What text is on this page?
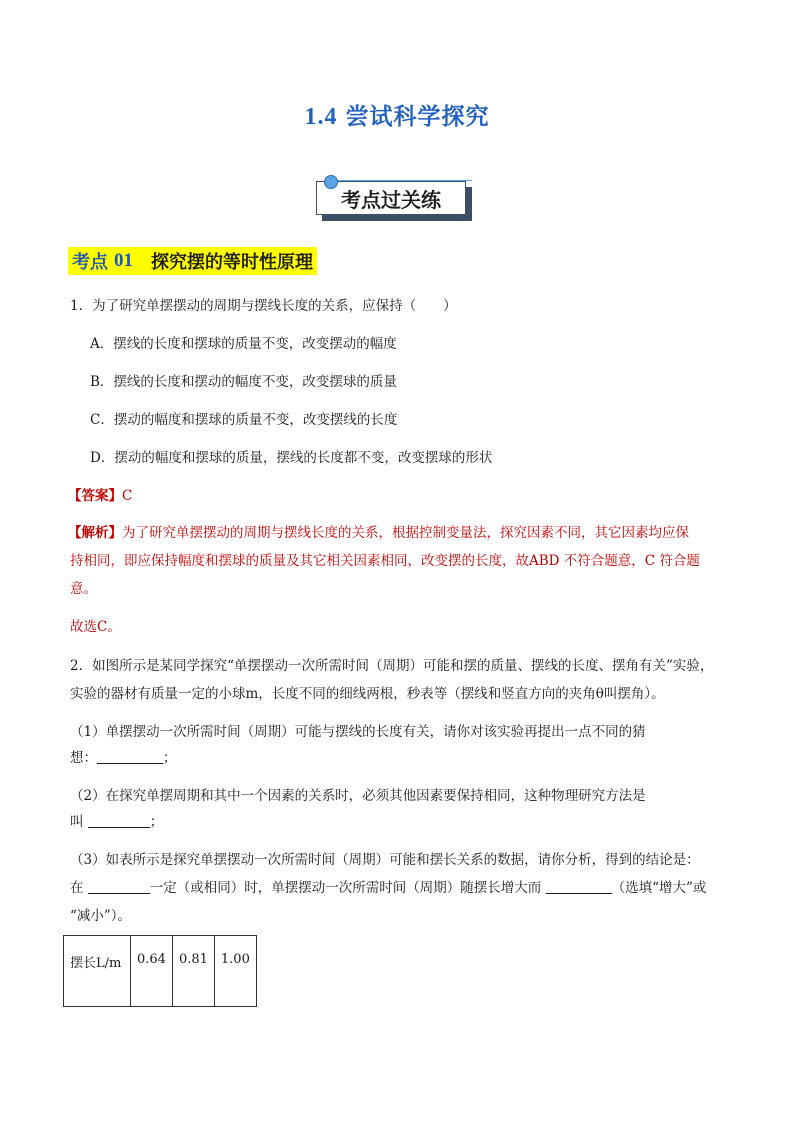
1.4 尝试科学探究
考点过关练
考点 01 探究摆的等时性原理
1．为了研究单摆摆动的周期与摆线长度的关系，应保持（　　）
A．摆线的长度和摆球的质量不变，改变摆动的幅度
B．摆线的长度和摆动的幅度不变，改变摆球的质量
C．摆动的幅度和摆球的质量不变，改变摆线的长度
D．摆动的幅度和摆球的质量，摆线的长度都不变，改变摆球的形状
【答案】C
【解析】为了研究单摆摆动的周期与摆线长度的关系，根据控制变量法，探究因素不同，其它因素均应保
持相同，即应保持幅度和摆球的质量及其它相关因素相同，改变摆的长度，故ABD 不符合题意，C 符合题
意。
故选C。
2．如图所示是某同学探究“单摆摆动一次所需时间（周期）可能和摆的质量、摆线的长度、摆角有关”实验，
实验的器材有质量一定的小球m，长度不同的细线两根，秒表等（摆线和竖直方向的夹角θ叫摆角）。
（1）单摆摆动一次所需时间（周期）可能与摆线的长度有关，请你对该实验再提出一点不同的猜
想：	；
（2）在探究单摆周期和其中一个因素的关系时，必须其他因素要保持相同，这种物理研究方法是
叫	；
（3）如表所示是探究单摆摆动一次所需时间（周期）可能和摆长关系的数据，请你分析，得到的结论是：
在	一定（或相同）时，单摆摆动一次所需时间（周期）随摆长增大而	（选填“增大”或
“减小”）。
摆长L/m	0.64	0.81	1.00
